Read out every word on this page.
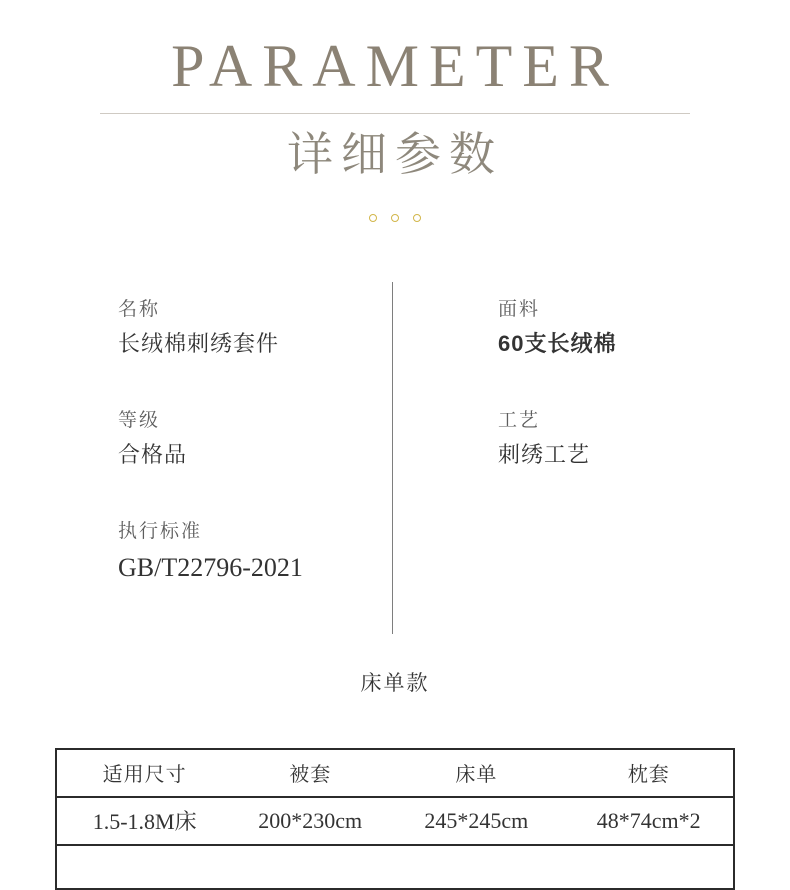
PARAMETER
详细参数

名称
长绒棉刺绣套件
等级
合格品
执行标准
GB/T22796-2021
面料
60支长绒棉
工艺
刺绣工艺
床单款
适用尺寸	被套	床单	枕套
1.5-1.8M床	200*230cm	245*245cm	48*74cm*2
